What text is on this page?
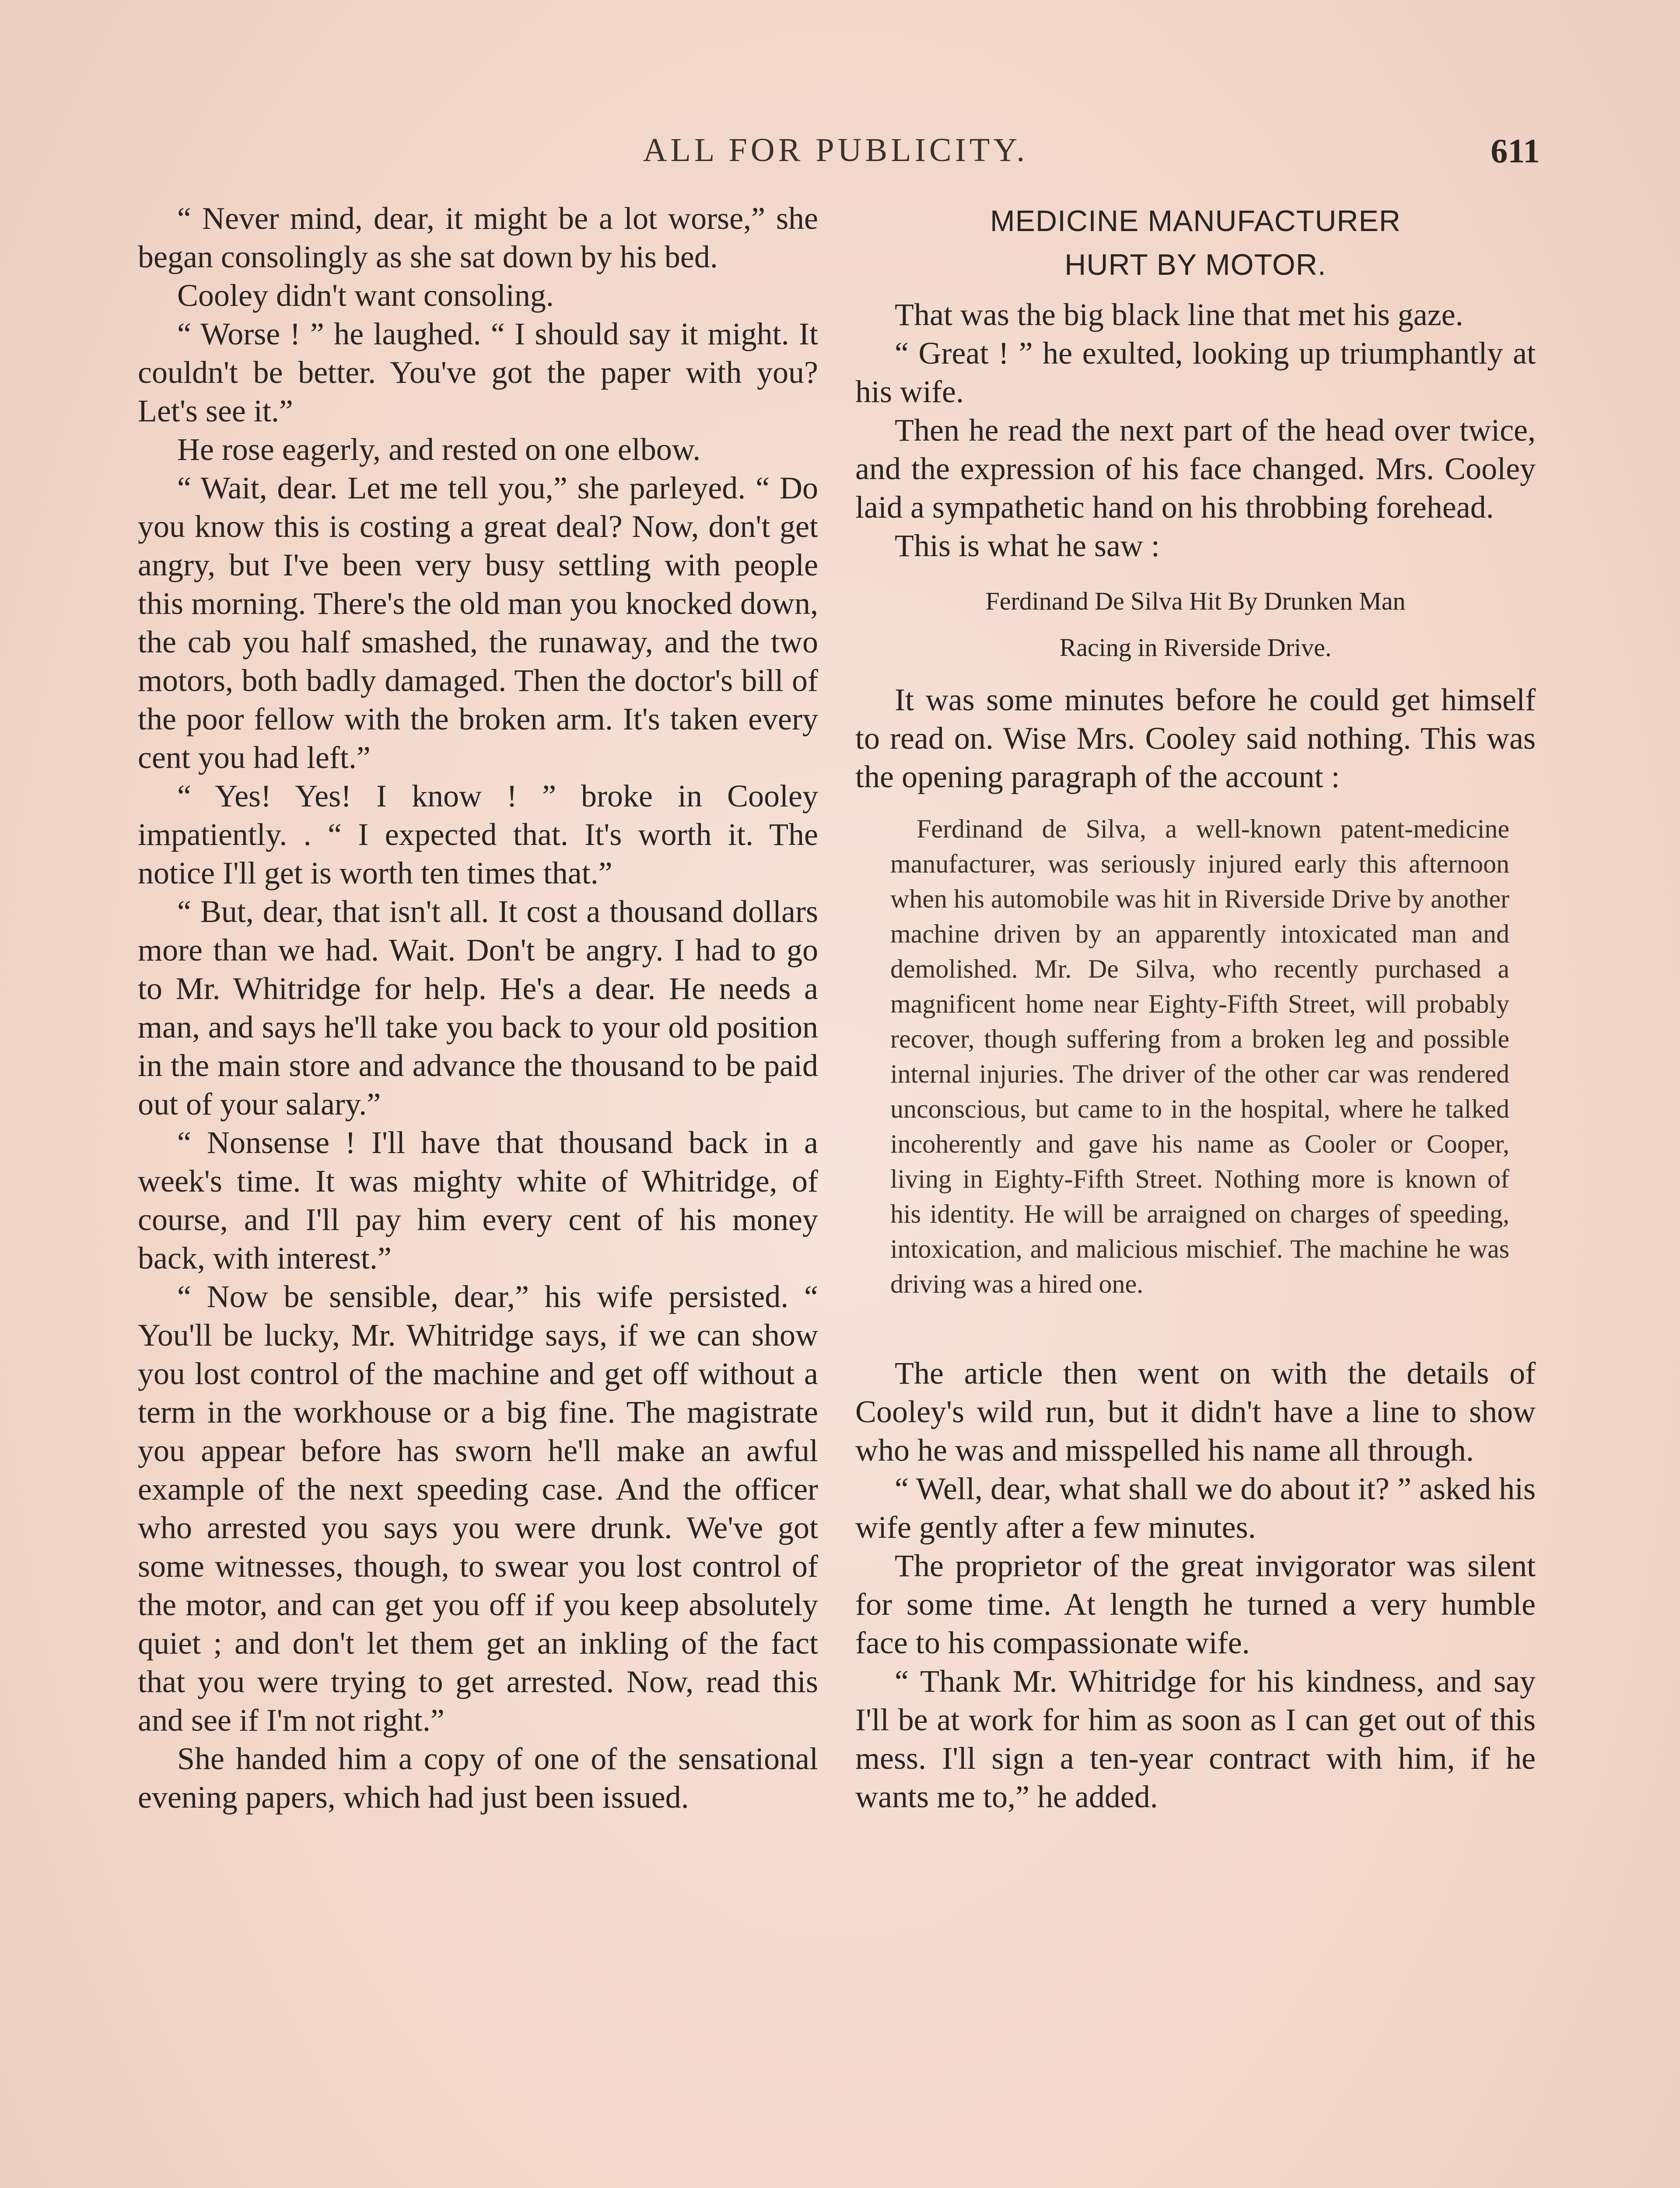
ALL FOR PUBLICITY.	611

“ Never mind, dear, it might be a lot worse,” she began consolingly as she sat down by his bed.

Cooley didn't want consoling.

“ Worse ! ” he laughed. “ I should say it might. It couldn't be better. You've got the paper with you? Let's see it.”

He rose eagerly, and rested on one elbow.

“ Wait, dear. Let me tell you,” she parleyed. “ Do you know this is costing a great deal? Now, don't get angry, but I've been very busy settling with people this morning. There's the old man you knocked down, the cab you half smashed, the runaway, and the two motors, both badly damaged. Then the doctor's bill of the poor fellow with the broken arm. It's taken every cent you had left.”

“ Yes! Yes! I know ! ” broke in Cooley impatiently. . “ I expected that. It's worth it. The notice I'll get is worth ten times that.”

“ But, dear, that isn't all. It cost a thousand dollars more than we had. Wait. Don't be angry. I had to go to Mr. Whitridge for help. He's a dear. He needs a man, and says he'll take you back to your old position in the main store and advance the thousand to be paid out of your salary.”

“ Nonsense ! I'll have that thousand back in a week's time. It was mighty white of Whitridge, of course, and I'll pay him every cent of his money back, with interest.”

“ Now be sensible, dear,” his wife persisted. “ You'll be lucky, Mr. Whitridge says, if we can show you lost control of the machine and get off without a term in the workhouse or a big fine. The magistrate you appear before has sworn he'll make an awful example of the next speeding case. And the officer who arrested you says you were drunk. We've got some witnesses, though, to swear you lost control of the motor, and can get you off if you keep absolutely quiet ; and don't let them get an inkling of the fact that you were trying to get arrested. Now, read this and see if I'm not right.”

She handed him a copy of one of the sensational evening papers, which had just been issued.

MEDICINE MANUFACTURER
HURT BY MOTOR.

That was the big black line that met his gaze.

“ Great ! ” he exulted, looking up triumphantly at his wife.

Then he read the next part of the head over twice, and the expression of his face changed. Mrs. Cooley laid a sympathetic hand on his throbbing forehead.

This is what he saw :

Ferdinand De Silva Hit By Drunken Man
Racing in Riverside Drive.

It was some minutes before he could get himself to read on. Wise Mrs. Cooley said nothing. This was the opening paragraph of the account :

Ferdinand de Silva, a well-known patent-medicine manufacturer, was seriously injured early this afternoon when his automobile was hit in Riverside Drive by another machine driven by an apparently intoxicated man and demolished. Mr. De Silva, who recently purchased a magnificent home near Eighty-Fifth Street, will probably recover, though suffering from a broken leg and possible internal injuries. The driver of the other car was rendered unconscious, but came to in the hospital, where he talked incoherently and gave his name as Cooler or Cooper, living in Eighty-Fifth Street. Nothing more is known of his identity. He will be arraigned on charges of speeding, intoxication, and malicious mischief. The machine he was driving was a hired one.

The article then went on with the details of Cooley's wild run, but it didn't have a line to show who he was and misspelled his name all through.

“ Well, dear, what shall we do about it? ” asked his wife gently after a few minutes.

The proprietor of the great invigorator was silent for some time. At length he turned a very humble face to his compassionate wife.

“ Thank Mr. Whitridge for his kindness, and say I'll be at work for him as soon as I can get out of this mess. I'll sign a ten-year contract with him, if he wants me to,” he added.
